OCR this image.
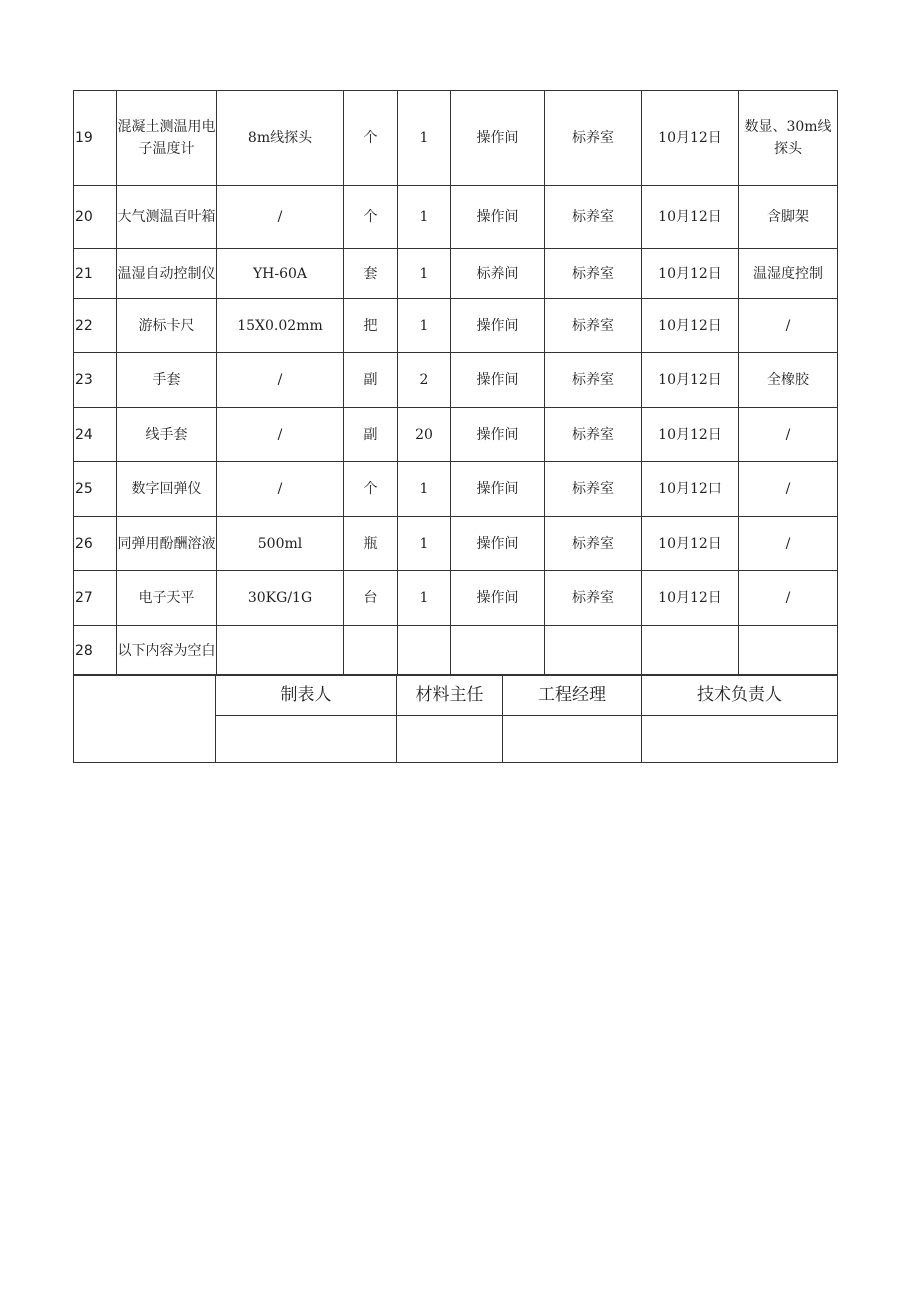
19	混凝土测温用电子温度计	8m线探头	个	1	操作间	标养室	10月12日	数显、30m线探头
20	大气测温百叶箱	/	个	1	操作间	标养室	10月12日	含脚架
21	温湿自动控制仪	YH-60A	套	1	标养间	标养室	10月12日	温湿度控制
22	游标卡尺	15X0.02mm	把	1	操作间	标养室	10月12日	/
23	手套	/	副	2	操作间	标养室	10月12日	全橡胶
24	线手套	/	副	20	操作间	标养室	10月12日	/
25	数字回弹仪	/	个	1	操作间	标养室	10月12口	/
26	同弹用酚酬溶液	500ml	瓶	1	操作间	标养室	10月12日	/
27	电子天平	30KG/1G	台	1	操作间	标养室	10月12日	/
28	以下内容为空白							
	制表人	材料主任	工程经理	技术负责人
